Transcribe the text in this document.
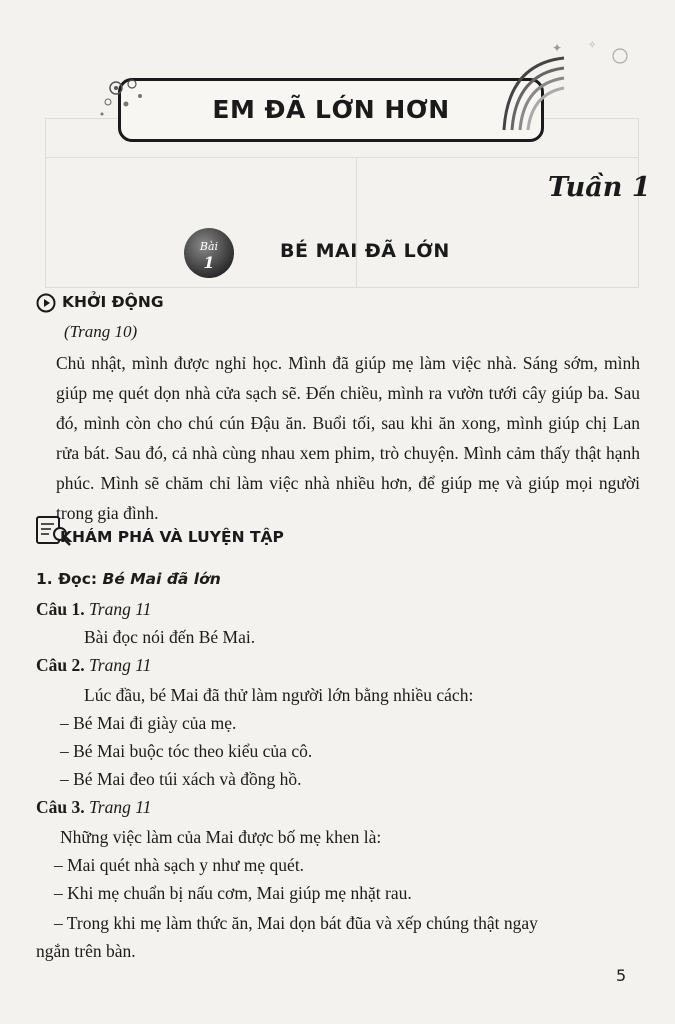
EM ĐÃ LỚN HƠN
✦	✧
Tuần 1
Bài
1
BÉ MAI ĐÃ LỚN
KHỞI ĐỘNG
(Trang 10)
Chủ nhật, mình được nghỉ học. Mình đã giúp mẹ làm việc nhà. Sáng sớm, mình giúp mẹ quét dọn nhà cửa sạch sẽ. Đến chiều, mình ra vườn tưới cây giúp ba. Sau đó, mình còn cho chú cún Đậu ăn. Buổi tối, sau khi ăn xong, mình giúp chị Lan rửa bát. Sau đó, cả nhà cùng nhau xem phim, trò chuyện. Mình cảm thấy thật hạnh phúc. Mình sẽ chăm chỉ làm việc nhà nhiều hơn, để giúp mẹ và giúp mọi người trong gia đình.
KHÁM PHÁ VÀ LUYỆN TẬP
1. Đọc: Bé Mai đã lớn
Câu 1. Trang 11
Bài đọc nói đến Bé Mai.
Câu 2. Trang 11
Lúc đầu, bé Mai đã thử làm người lớn bằng nhiều cách:
– Bé Mai đi giày của mẹ.
– Bé Mai buộc tóc theo kiểu của cô.
– Bé Mai đeo túi xách và đồng hồ.
Câu 3. Trang 11
Những việc làm của Mai được bố mẹ khen là:
– Mai quét nhà sạch y như mẹ quét.
– Khi mẹ chuẩn bị nấu cơm, Mai giúp mẹ nhặt rau.
– Trong khi mẹ làm thức ăn, Mai dọn bát đũa và xếp chúng thật ngay
ngắn trên bàn.
5
